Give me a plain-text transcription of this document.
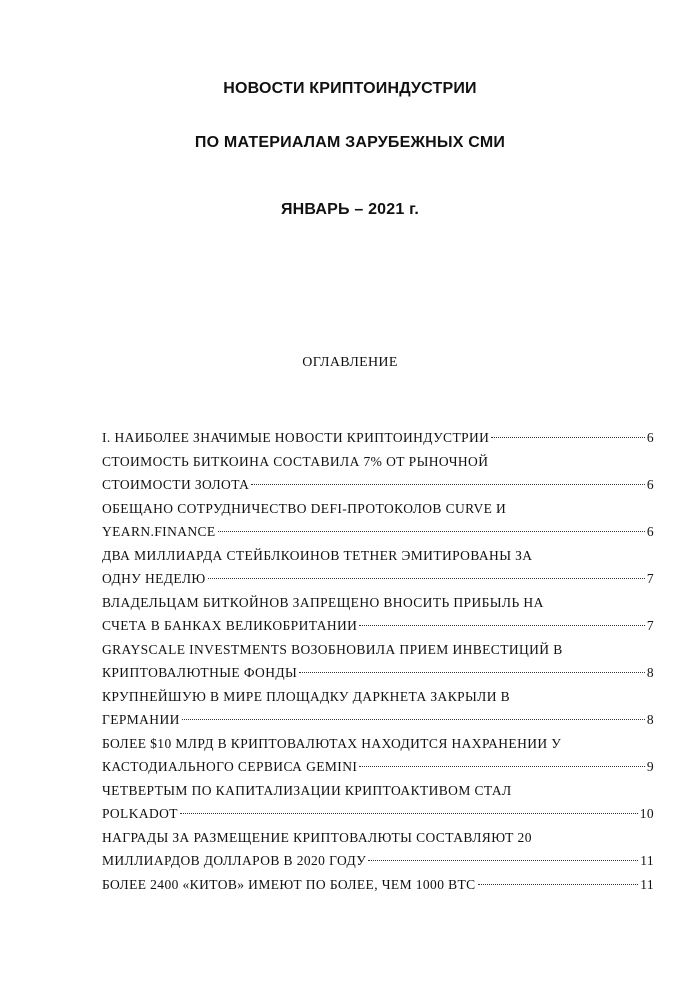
НОВОСТИ КРИПТОИНДУСТРИИ
ПО МАТЕРИАЛАМ ЗАРУБЕЖНЫХ СМИ
ЯНВАРЬ – 2021 г.
ОГЛАВЛЕНИЕ
I. НАИБОЛЕЕ ЗНАЧИМЫЕ НОВОСТИ КРИПТОИНДУСТРИИ	6
СТОИМОСТЬ БИТКОИНА СОСТАВИЛА 7% ОТ РЫНОЧНОЙ
СТОИМОСТИ ЗОЛОТА	6
ОБЕЩАНО СОТРУДНИЧЕСТВО DEFI-ПРОТОКОЛОВ CURVE И
YEARN.FINANCE	6
ДВА МИЛЛИАРДА СТЕЙБЛКОИНОВ TETHER ЭМИТИРОВАНЫ ЗА
ОДНУ НЕДЕЛЮ	7
ВЛАДЕЛЬЦАМ БИТКОЙНОВ ЗАПРЕЩЕНО ВНОСИТЬ ПРИБЫЛЬ НА
СЧЕТА В БАНКАХ ВЕЛИКОБРИТАНИИ	7
GRAYSCALE INVESTMENTS ВОЗОБНОВИЛА ПРИЕМ ИНВЕСТИЦИЙ В
КРИПТОВАЛЮТНЫЕ ФОНДЫ	8
КРУПНЕЙШУЮ В МИРЕ ПЛОЩАДКУ ДАРКНЕТА ЗАКРЫЛИ В
ГЕРМАНИИ	8
БОЛЕЕ $10 МЛРД В КРИПТОВАЛЮТАХ НАХОДИТСЯ НАХРАНЕНИИ У
КАСТОДИАЛЬНОГО СЕРВИСА GEMINI	9
ЧЕТВЕРТЫМ ПО КАПИТАЛИЗАЦИИ КРИПТОАКТИВОМ СТАЛ
POLKADOT	10
НАГРАДЫ ЗА РАЗМЕЩЕНИЕ КРИПТОВАЛЮТЫ СОСТАВЛЯЮТ 20
МИЛЛИАРДОВ ДОЛЛАРОВ В 2020 ГОДУ	11
БОЛЕЕ 2400 «КИТОВ» ИМЕЮТ ПО БОЛЕЕ, ЧЕМ 1000 BTC	11
